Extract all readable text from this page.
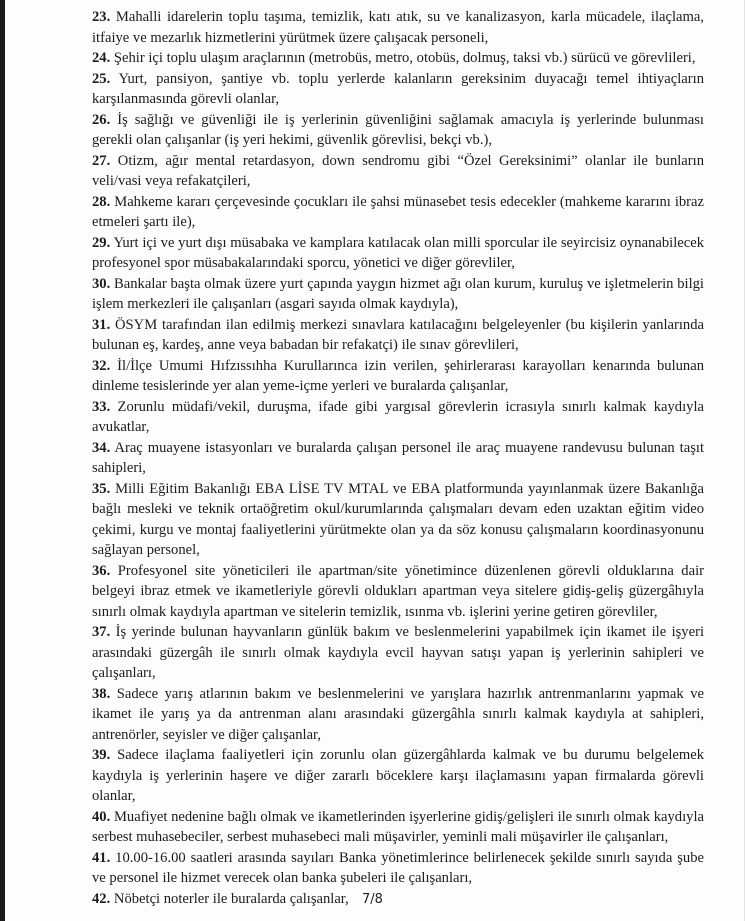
23. Mahalli idarelerin toplu taşıma, temizlik, katı atık, su ve kanalizasyon, karla mücadele, ilaçlama, itfaiye ve mezarlık hizmetlerini yürütmek üzere çalışacak personeli,

24. Şehir içi toplu ulaşım araçlarının (metrobüs, metro, otobüs, dolmuş, taksi vb.) sürücü ve görevlileri,

25. Yurt, pansiyon, şantiye vb. toplu yerlerde kalanların gereksinim duyacağı temel ihtiyaçların karşılanmasında görevli olanlar,

26. İş sağlığı ve güvenliği ile iş yerlerinin güvenliğini sağlamak amacıyla iş yerlerinde bulunması gerekli olan çalışanlar (iş yeri hekimi, güvenlik görevlisi, bekçi vb.),

27. Otizm, ağır mental retardasyon, down sendromu gibi “Özel Gereksinimi” olanlar ile bunların veli/vasi veya refakatçileri,

28. Mahkeme kararı çerçevesinde çocukları ile şahsi münasebet tesis edecekler (mahkeme kararını ibraz etmeleri şartı ile),

29. Yurt içi ve yurt dışı müsabaka ve kamplara katılacak olan milli sporcular ile seyircisiz oynanabilecek profesyonel spor müsabakalarındaki sporcu, yönetici ve diğer görevliler,

30. Bankalar başta olmak üzere yurt çapında yaygın hizmet ağı olan kurum, kuruluş ve işletmelerin bilgi işlem merkezleri ile çalışanları (asgari sayıda olmak kaydıyla),

31. ÖSYM tarafından ilan edilmiş merkezi sınavlara katılacağını belgeleyenler (bu kişilerin yanlarında bulunan eş, kardeş, anne veya babadan bir refakatçi) ile sınav görevlileri,

32. İl/İlçe Umumi Hıfzıssıhha Kurullarınca izin verilen, şehirlerarası karayolları kenarında bulunan dinleme tesislerinde yer alan yeme-içme yerleri ve buralarda çalışanlar,

33. Zorunlu müdafi/vekil, duruşma, ifade gibi yargısal görevlerin icrasıyla sınırlı kalmak kaydıyla avukatlar,

34. Araç muayene istasyonları ve buralarda çalışan personel ile araç muayene randevusu bulunan taşıt sahipleri,

35. Milli Eğitim Bakanlığı EBA LİSE TV MTAL ve EBA platformunda yayınlanmak üzere Bakanlığa bağlı mesleki ve teknik ortaöğretim okul/kurumlarında çalışmaları devam eden uzaktan eğitim video çekimi, kurgu ve montaj faaliyetlerini yürütmekte olan ya da söz konusu çalışmaların koordinasyonunu sağlayan personel,

36. Profesyonel site yöneticileri ile apartman/site yönetimince düzenlenen görevli olduklarına dair belgeyi ibraz etmek ve ikametleriyle görevli oldukları apartman veya sitelere gidiş-geliş güzergâhıyla sınırlı olmak kaydıyla apartman ve sitelerin temizlik, ısınma vb. işlerini yerine getiren görevliler,

37. İş yerinde bulunan hayvanların günlük bakım ve beslenmelerini yapabilmek için ikamet ile işyeri arasındaki güzergâh ile sınırlı olmak kaydıyla evcil hayvan satışı yapan iş yerlerinin sahipleri ve çalışanları,

38. Sadece yarış atlarının bakım ve beslenmelerini ve yarışlara hazırlık antrenmanlarını yapmak ve ikamet ile yarış ya da antrenman alanı arasındaki güzergâhla sınırlı kalmak kaydıyla at sahipleri, antrenörler, seyisler ve diğer çalışanlar,

39. Sadece ilaçlama faaliyetleri için zorunlu olan güzergâhlarda kalmak ve bu durumu belgelemek kaydıyla iş yerlerinin haşere ve diğer zararlı böceklere karşı ilaçlamasını yapan firmalarda görevli olanlar,

40. Muafiyet nedenine bağlı olmak ve ikametlerinden işyerlerine gidiş/gelişleri ile sınırlı olmak kaydıyla serbest muhasebeciler, serbest muhasebeci mali müşavirler, yeminli mali müşavirler ile çalışanları,

41. 10.00-16.00 saatleri arasında sayıları Banka yönetimlerince belirlenecek şekilde sınırlı sayıda şube ve personel ile hizmet verecek olan banka şubeleri ile çalışanları,

42. Nöbetçi noterler ile buralarda çalışanlar,	7/8
